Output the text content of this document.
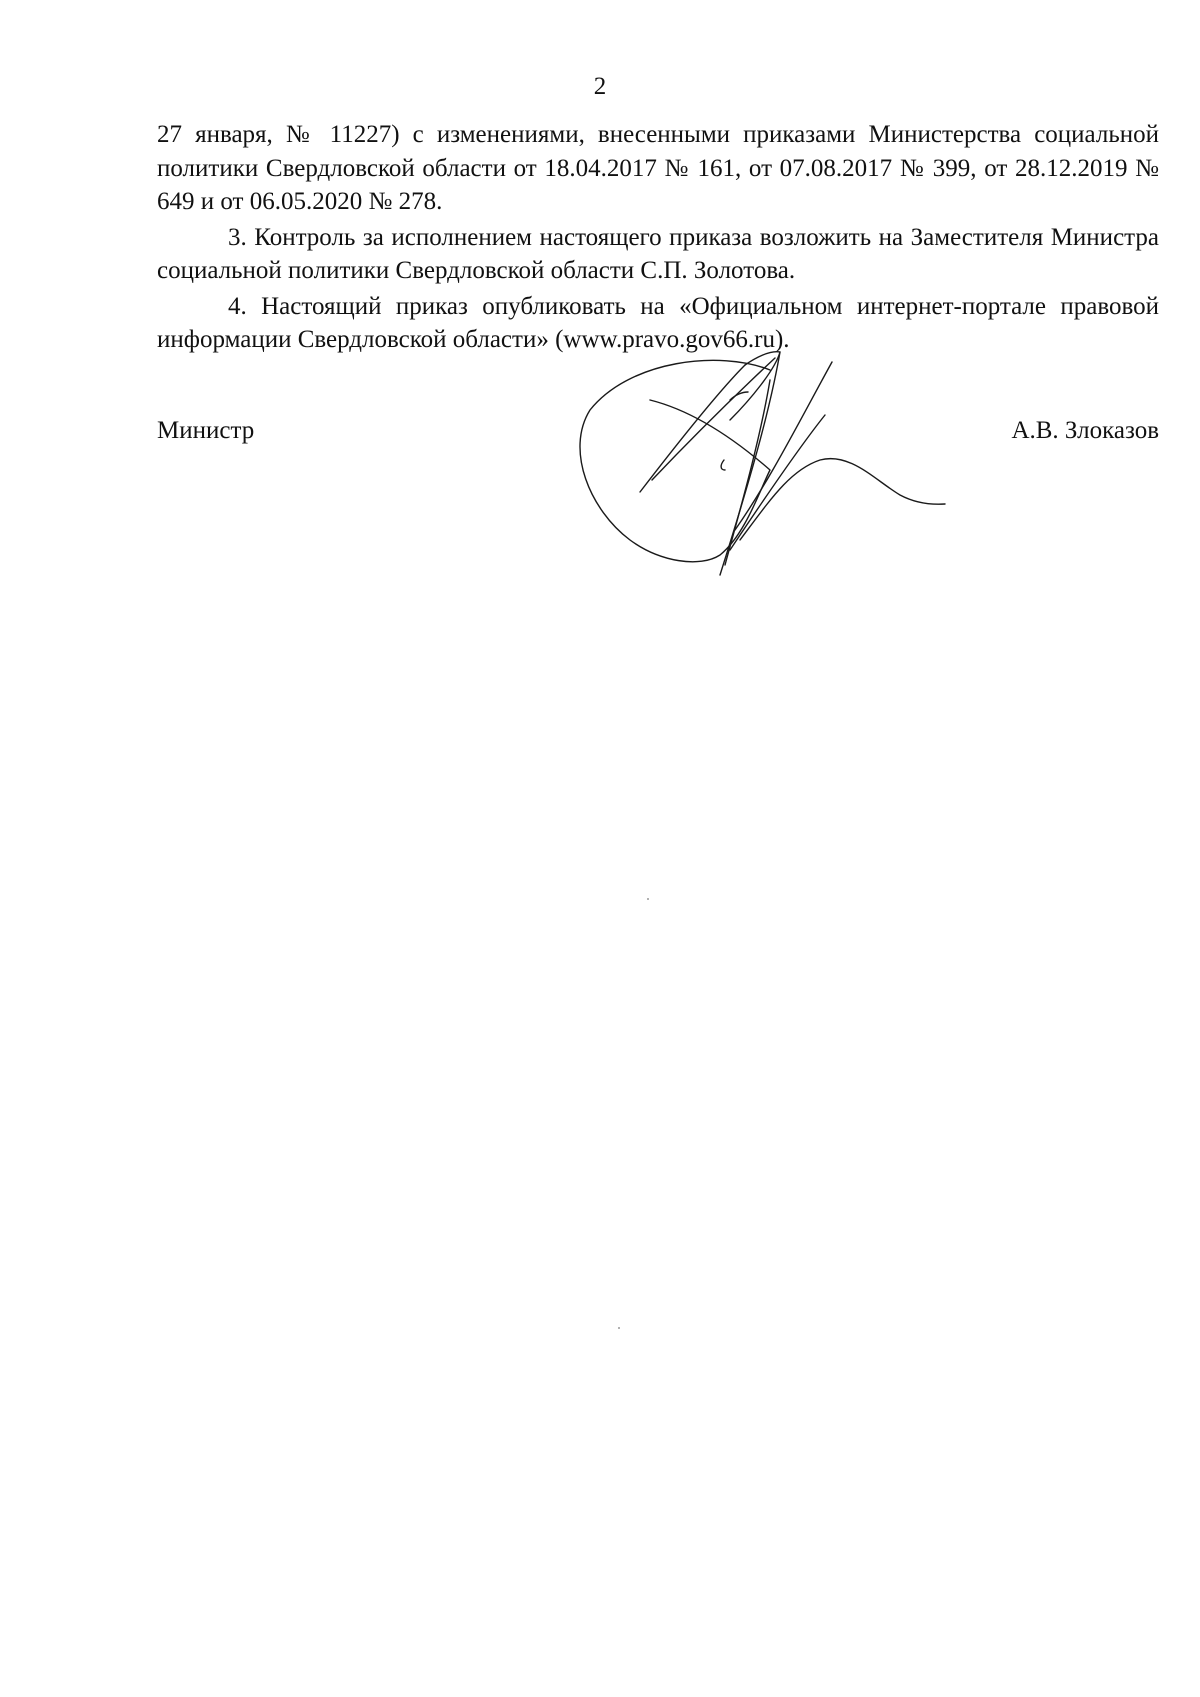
2

27 января, № 11227) с изменениями, внесенными приказами Министерства социальной политики Свердловской области от 18.04.2017 № 161, от 07.08.2017 № 399, от 28.12.2019 № 649 и от 06.05.2020 № 278.

3. Контроль за исполнением настоящего приказа возложить на Заместителя Министра социальной политики Свердловской области С.П. Золотова.

4. Настоящий приказ опубликовать на «Официальном интернет-портале правовой информации Свердловской области» (www.pravo.gov66.ru).

Министр	А.В. Злоказов
